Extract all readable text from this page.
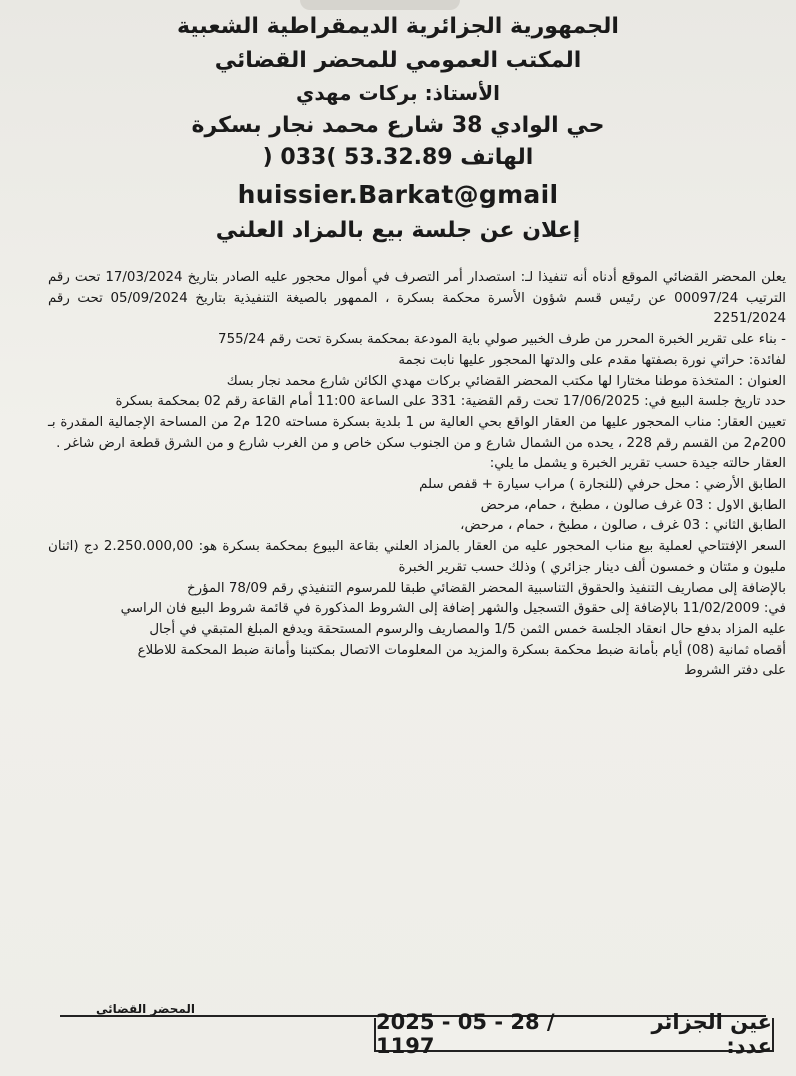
الجمهورية الجزائرية الديمقراطية الشعبية

المكتب العمومي للمحضر القضائي

الأستاذ: بركات مهدي

حي الوادي 38 شارع محمد نجار بسكرة

الهاتف 53.32.89 )033 (

huissier.Barkat@gmail

إعلان عن جلسة بيع بالمزاد العلني

يعلن المحضر القضائي الموقع أدناه أنه تنفيذا لـ: استصدار أمر التصرف في أموال محجور عليه الصادر بتاريخ 17/03/2024 تحت رقم الترتيب 00097/24 عن رئيس قسم شؤون الأسرة محكمة بسكرة ، الممهور بالصيغة التنفيذية بتاريخ 05/09/2024 تحت رقم 2251/2024

- بناء على تقرير الخبرة المحرر من طرف الخبير صولي باية المودعة بمحكمة بسكرة تحت رقم 755/24

لفائدة: حراتي نورة بصفتها مقدم على والدتها المحجور عليها نابت نجمة

العنوان : المتخذة موطنا مختارا لها مكتب المحضر القضائي بركات مهدي الكائن شارع محمد نجار بسك

حدد تاريخ جلسة البيع في: 17/06/2025 تحت رقم القضية: 331 على الساعة 11:00 أمام القاعة رقم 02 بمحكمة بسكرة

تعيين العقار: مناب المحجور عليها من العقار الواقع بحي العالية س 1 بلدية بسكرة مساحته 120 م2 من المساحة الإجمالية المقدرة بـ 200م2 من القسم رقم 228 ، يحده من الشمال شارع و من الجنوب سكن خاص و من الغرب شارع و من الشرق قطعة ارض شاغر .

العقار حالته جيدة حسب تقرير الخبرة و يشمل ما يلي:

الطابق الأرضي : محل حرفي (للنجارة ) مراب سيارة + قفص سلم

الطابق الاول : 03 غرف صالون ، مطبخ ، حمام، مرحض

الطابق الثاني : 03 غرف ، صالون ، مطبخ ، حمام ، مرحض،

السعر الإفتتاحي لعملية بيع مناب المحجور عليه من العقار بالمزاد العلني بقاعة البيوع بمحكمة بسكرة هو: 2.250.000,00 دج (اثنان مليون و مئتان و خمسون ألف دينار جزائري ) وذلك حسب تقرير الخبرة

بالإضافة إلى مصاريف التنفيذ والحقوق التناسبية المحضر القضائي طبقا للمرسوم التنفيذي رقم 78/09 المؤرخ

في: 11/02/2009 بالإضافة إلى حقوق التسجيل والشهر إضافة إلى الشروط المذكورة في قائمة شروط البيع فان الراسي

عليه المزاد بدفع حال انعقاد الجلسة خمس الثمن 1/5 والمصاريف والرسوم المستحقة ويدفع المبلغ المتبقي في أجال

أقصاه ثمانية (08) أيام بأمانة ضبط محكمة بسكرة والمزيد من المعلومات الاتصال بمكتبنا وأمانة ضبط المحكمة للاطلاع

على دفتر الشروط

المحضر القضائي
عين الجزائر عدد:
2025 - 05 - 28 / 1197
